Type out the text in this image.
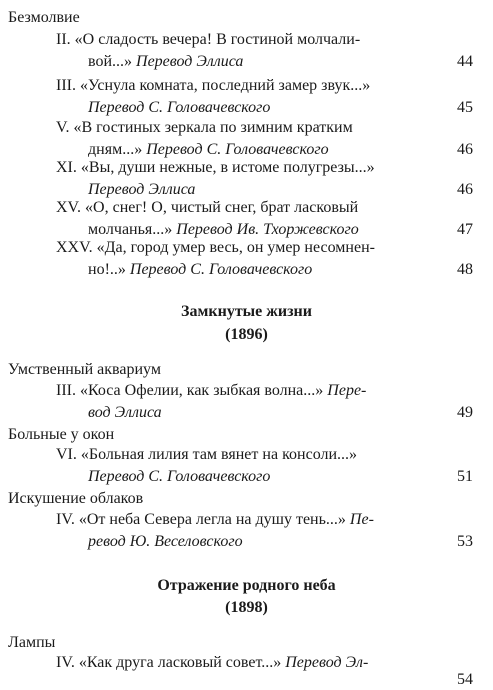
Безмолвие
II. «О сладость вечера! В гостиной молчали-
вой...» Перевод Эллиса	44
III. «Уснула комната, последний замер звук...»
Перевод С. Головачевского	45
V. «В гостиных зеркала по зимним кратким
дням...» Перевод С. Головачевского	46
XI. «Вы, души нежные, в истоме полугрезы...»
Перевод Эллиса	46
XV. «О, снег! О, чистый снег, брат ласковый
молчанья...» Перевод Ив. Тхоржевского	47
XXV. «Да, город умер весь, он умер несомнен-
но!..» Перевод С. Головачевского	48
Замкнутые жизни
(1896)
Умственный аквариум
III. «Коса Офелии, как зыбкая волна...» Пере-
вод Эллиса	49
Больные у окон
VI. «Больная лилия там вянет на консоли...»
Перевод С. Головачевского	51
Искушение облаков
IV. «От неба Севера легла на душу тень...» Пе-
ревод Ю. Веселовского	53
Отражение родного неба
(1898)
Лампы
IV. «Как друга ласковый совет...» Перевод Эл-
54
